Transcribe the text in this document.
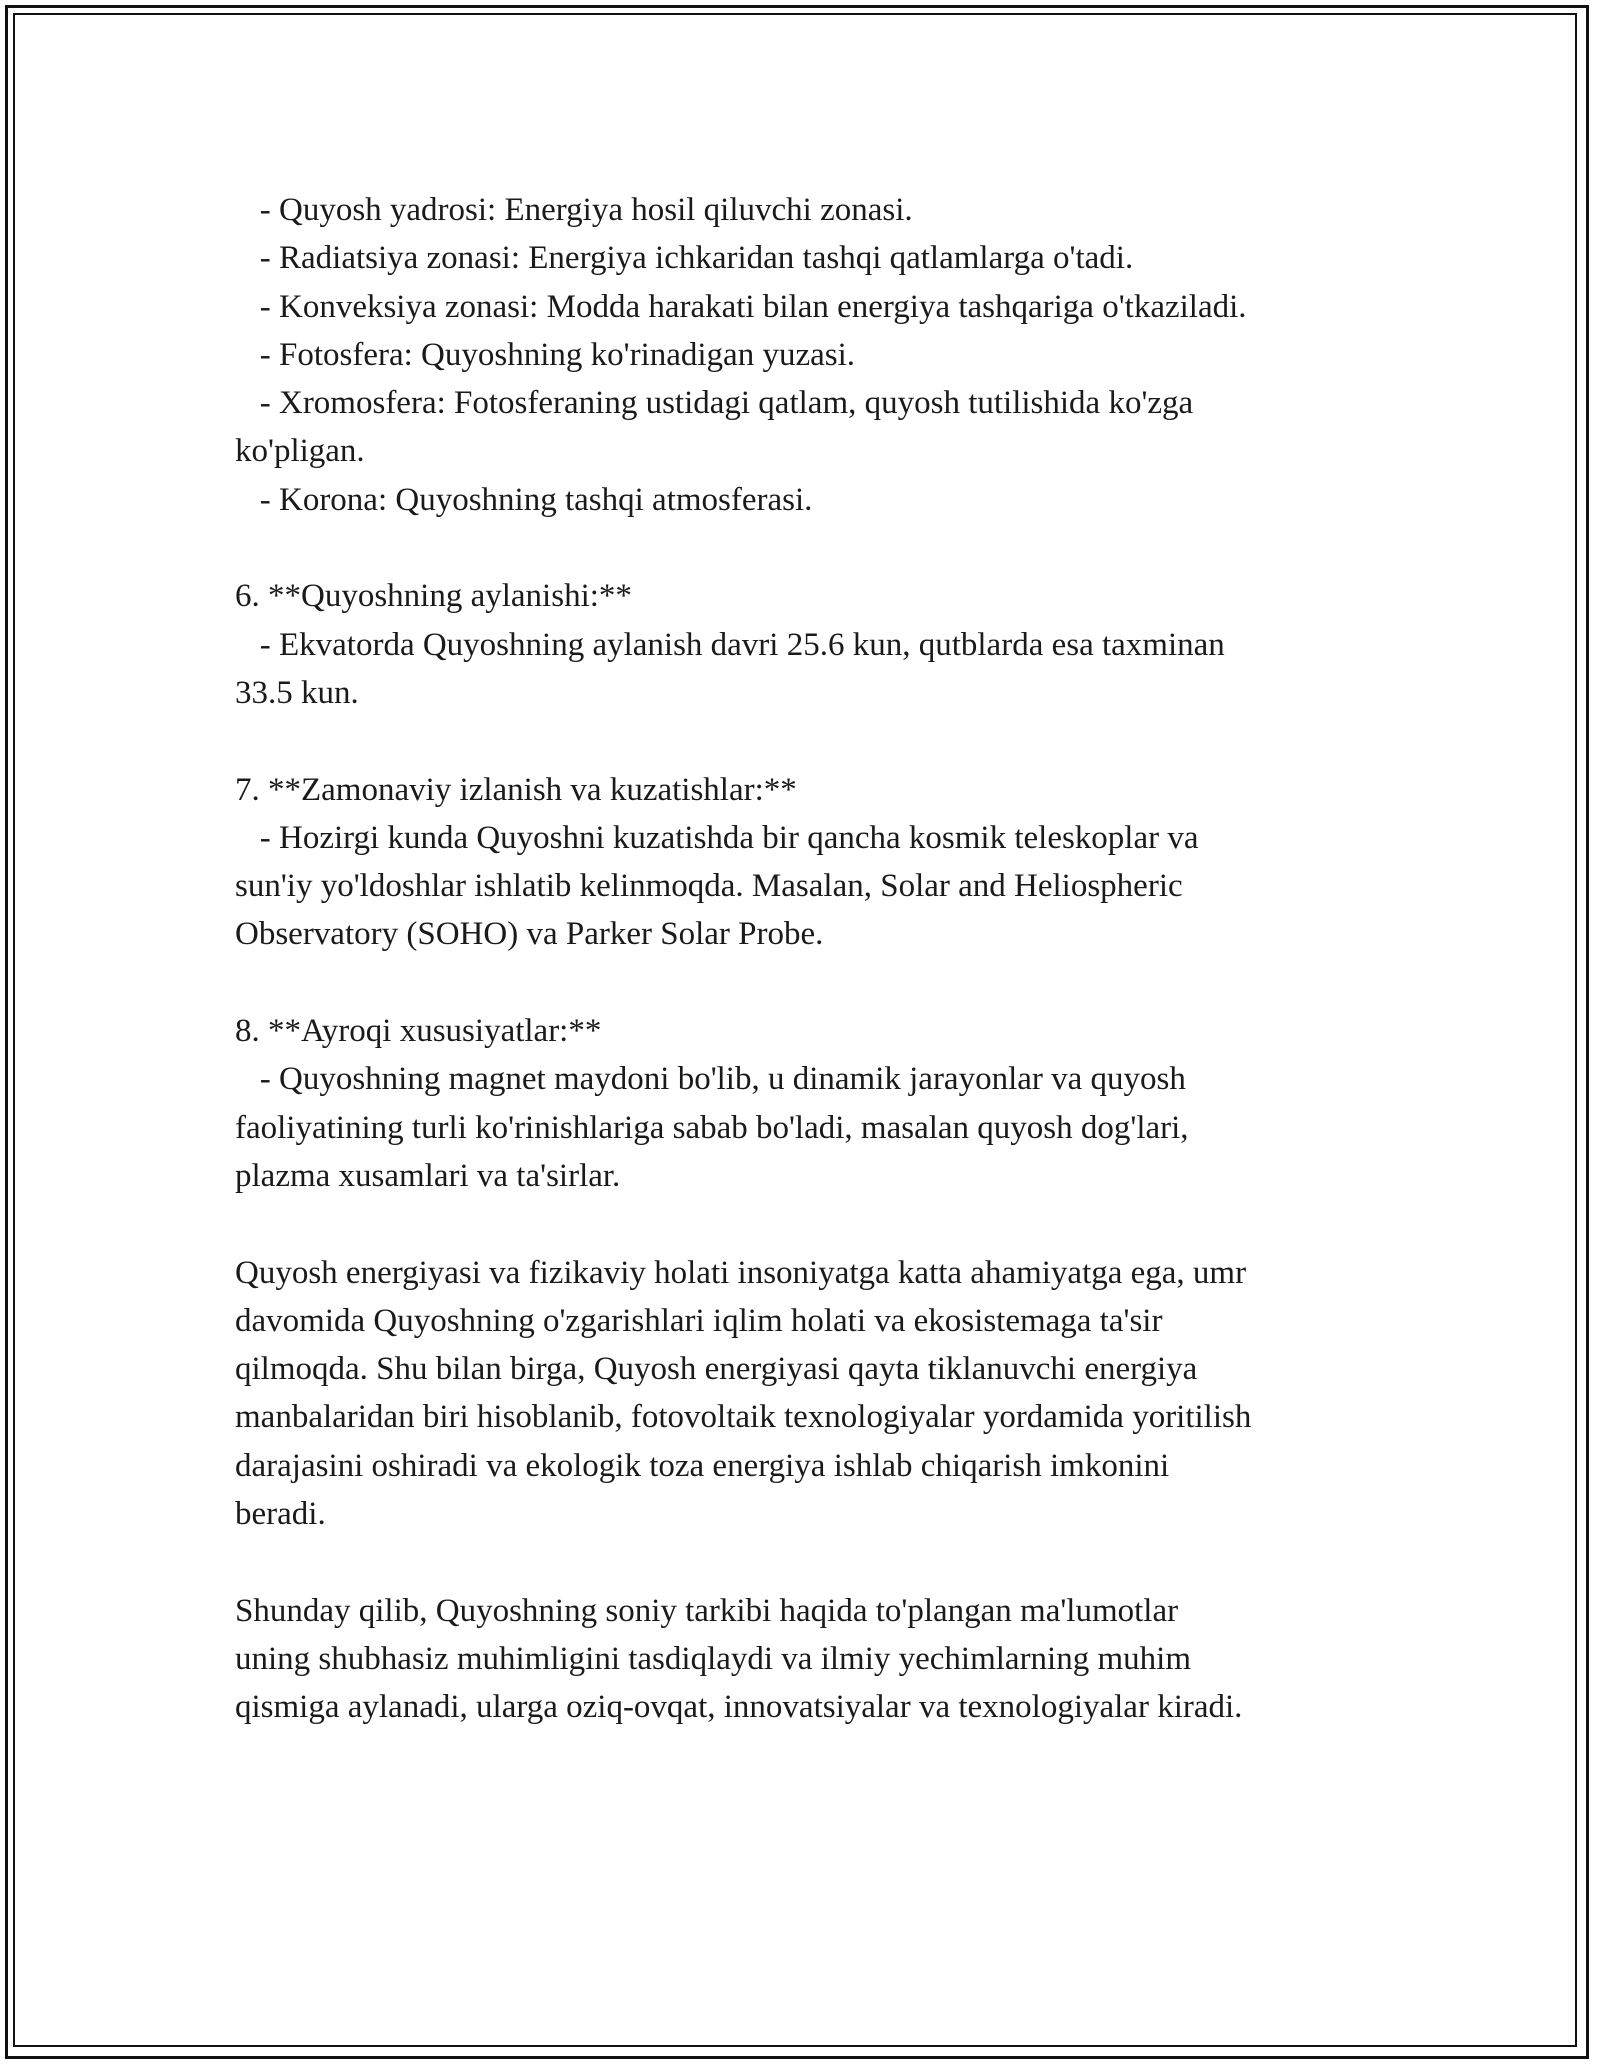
- Quyosh yadrosi: Energiya hosil qiluvchi zonasi.
- Radiatsiya zonasi: Energiya ichkaridan tashqi qatlamlarga o'tadi.
- Konveksiya zonasi: Modda harakati bilan energiya tashqariga o'tkaziladi.
- Fotosfera: Quyoshning ko'rinadigan yuzasi.
- Xromosfera: Fotosferaning ustidagi qatlam, quyosh tutilishida ko'zga
ko'pligan.
- Korona: Quyoshning tashqi atmosferasi.
6. **Quyoshning aylanishi:**
- Ekvatorda Quyoshning aylanish davri 25.6 kun, qutblarda esa taxminan
33.5 kun.
7. **Zamonaviy izlanish va kuzatishlar:**
- Hozirgi kunda Quyoshni kuzatishda bir qancha kosmik teleskoplar va
sun'iy yo'ldoshlar ishlatib kelinmoqda. Masalan, Solar and Heliospheric
Observatory (SOHO) va Parker Solar Probe.
8. **Ayroqi xususiyatlar:**
- Quyoshning magnet maydoni bo'lib, u dinamik jarayonlar va quyosh
faoliyatining turli ko'rinishlariga sabab bo'ladi, masalan quyosh dog'lari,
plazma xusamlari va ta'sirlar.
Quyosh energiyasi va fizikaviy holati insoniyatga katta ahamiyatga ega, umr
davomida Quyoshning o'zgarishlari iqlim holati va ekosistemaga ta'sir
qilmoqda. Shu bilan birga, Quyosh energiyasi qayta tiklanuvchi energiya
manbalaridan biri hisoblanib, fotovoltaik texnologiyalar yordamida yoritilish
darajasini oshiradi va ekologik toza energiya ishlab chiqarish imkonini
beradi.
Shunday qilib, Quyoshning soniy tarkibi haqida to'plangan ma'lumotlar
uning shubhasiz muhimligini tasdiqlaydi va ilmiy yechimlarning muhim
qismiga aylanadi, ularga oziq-ovqat, innovatsiyalar va texnologiyalar kiradi.
